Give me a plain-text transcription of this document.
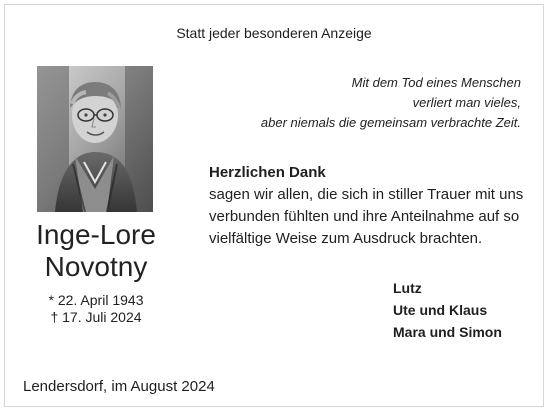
Statt jeder besonderen Anzeige
Inge-Lore
Novotny
* 22. April 1943
† 17. Juli 2024
Mit dem Tod eines Menschen
verliert man vieles,
aber niemals die gemeinsam verbrachte Zeit.
Herzlichen Dank
sagen wir allen, die sich in stiller Trauer mit uns
verbunden fühlten und ihre Anteilnahme auf so
vielfältige Weise zum Ausdruck brachten.
Lutz
Ute und Klaus
Mara und Simon
Lendersdorf, im August 2024
